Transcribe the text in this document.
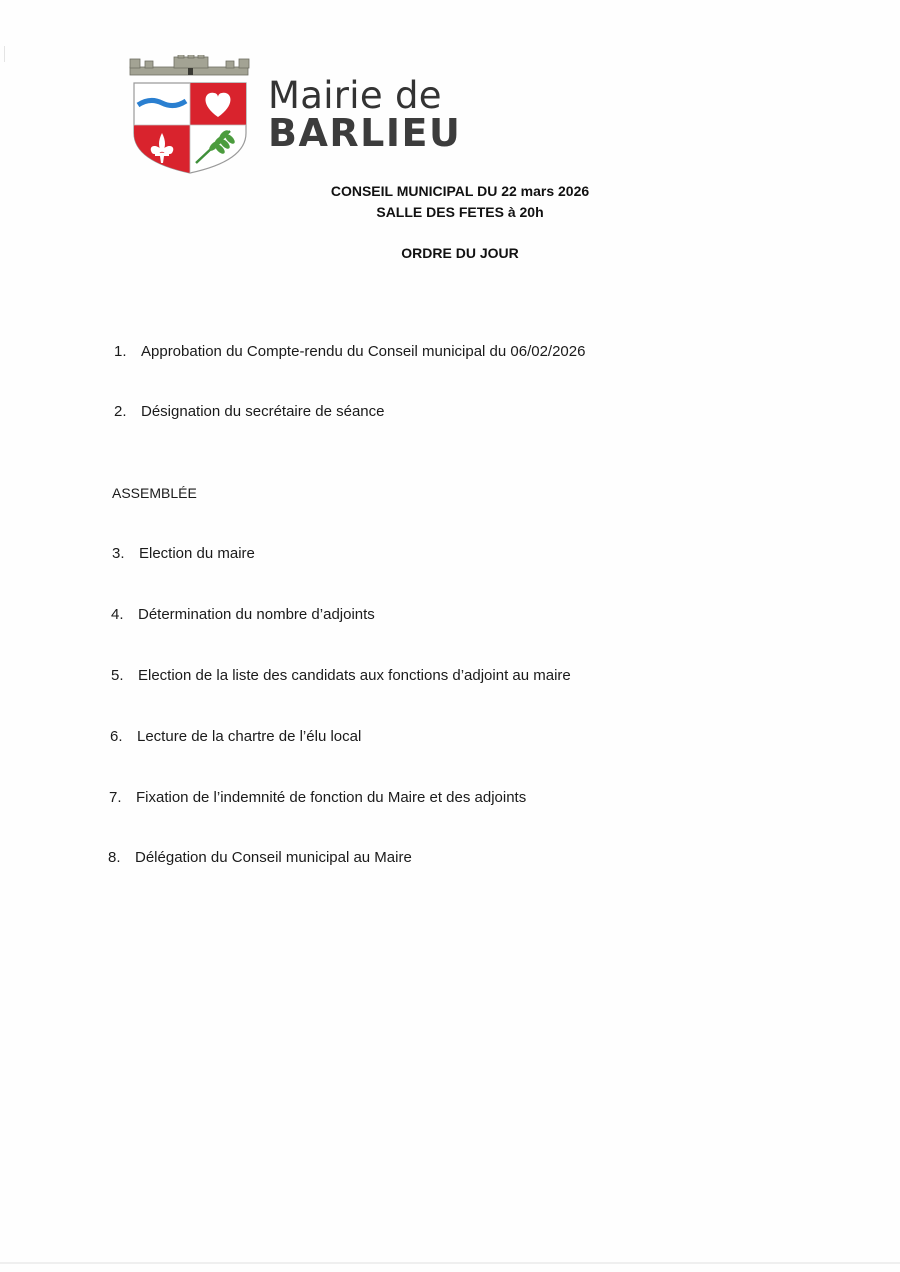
Mairie de
BARLIEU
CONSEIL MUNICIPAL DU 22 mars 2026
SALLE DES FETES à 20h
ORDRE DU JOUR
1. Approbation du Compte-rendu du Conseil municipal du 06/02/2026
2. Désignation du secrétaire de séance
ASSEMBLÉE
3. Election du maire
4. Détermination du nombre d’adjoints
5. Election de la liste des candidats aux fonctions d’adjoint au maire
6. Lecture de la chartre de l’élu local
7. Fixation de l’indemnité de fonction du Maire et des adjoints
8. Délégation du Conseil municipal au Maire
